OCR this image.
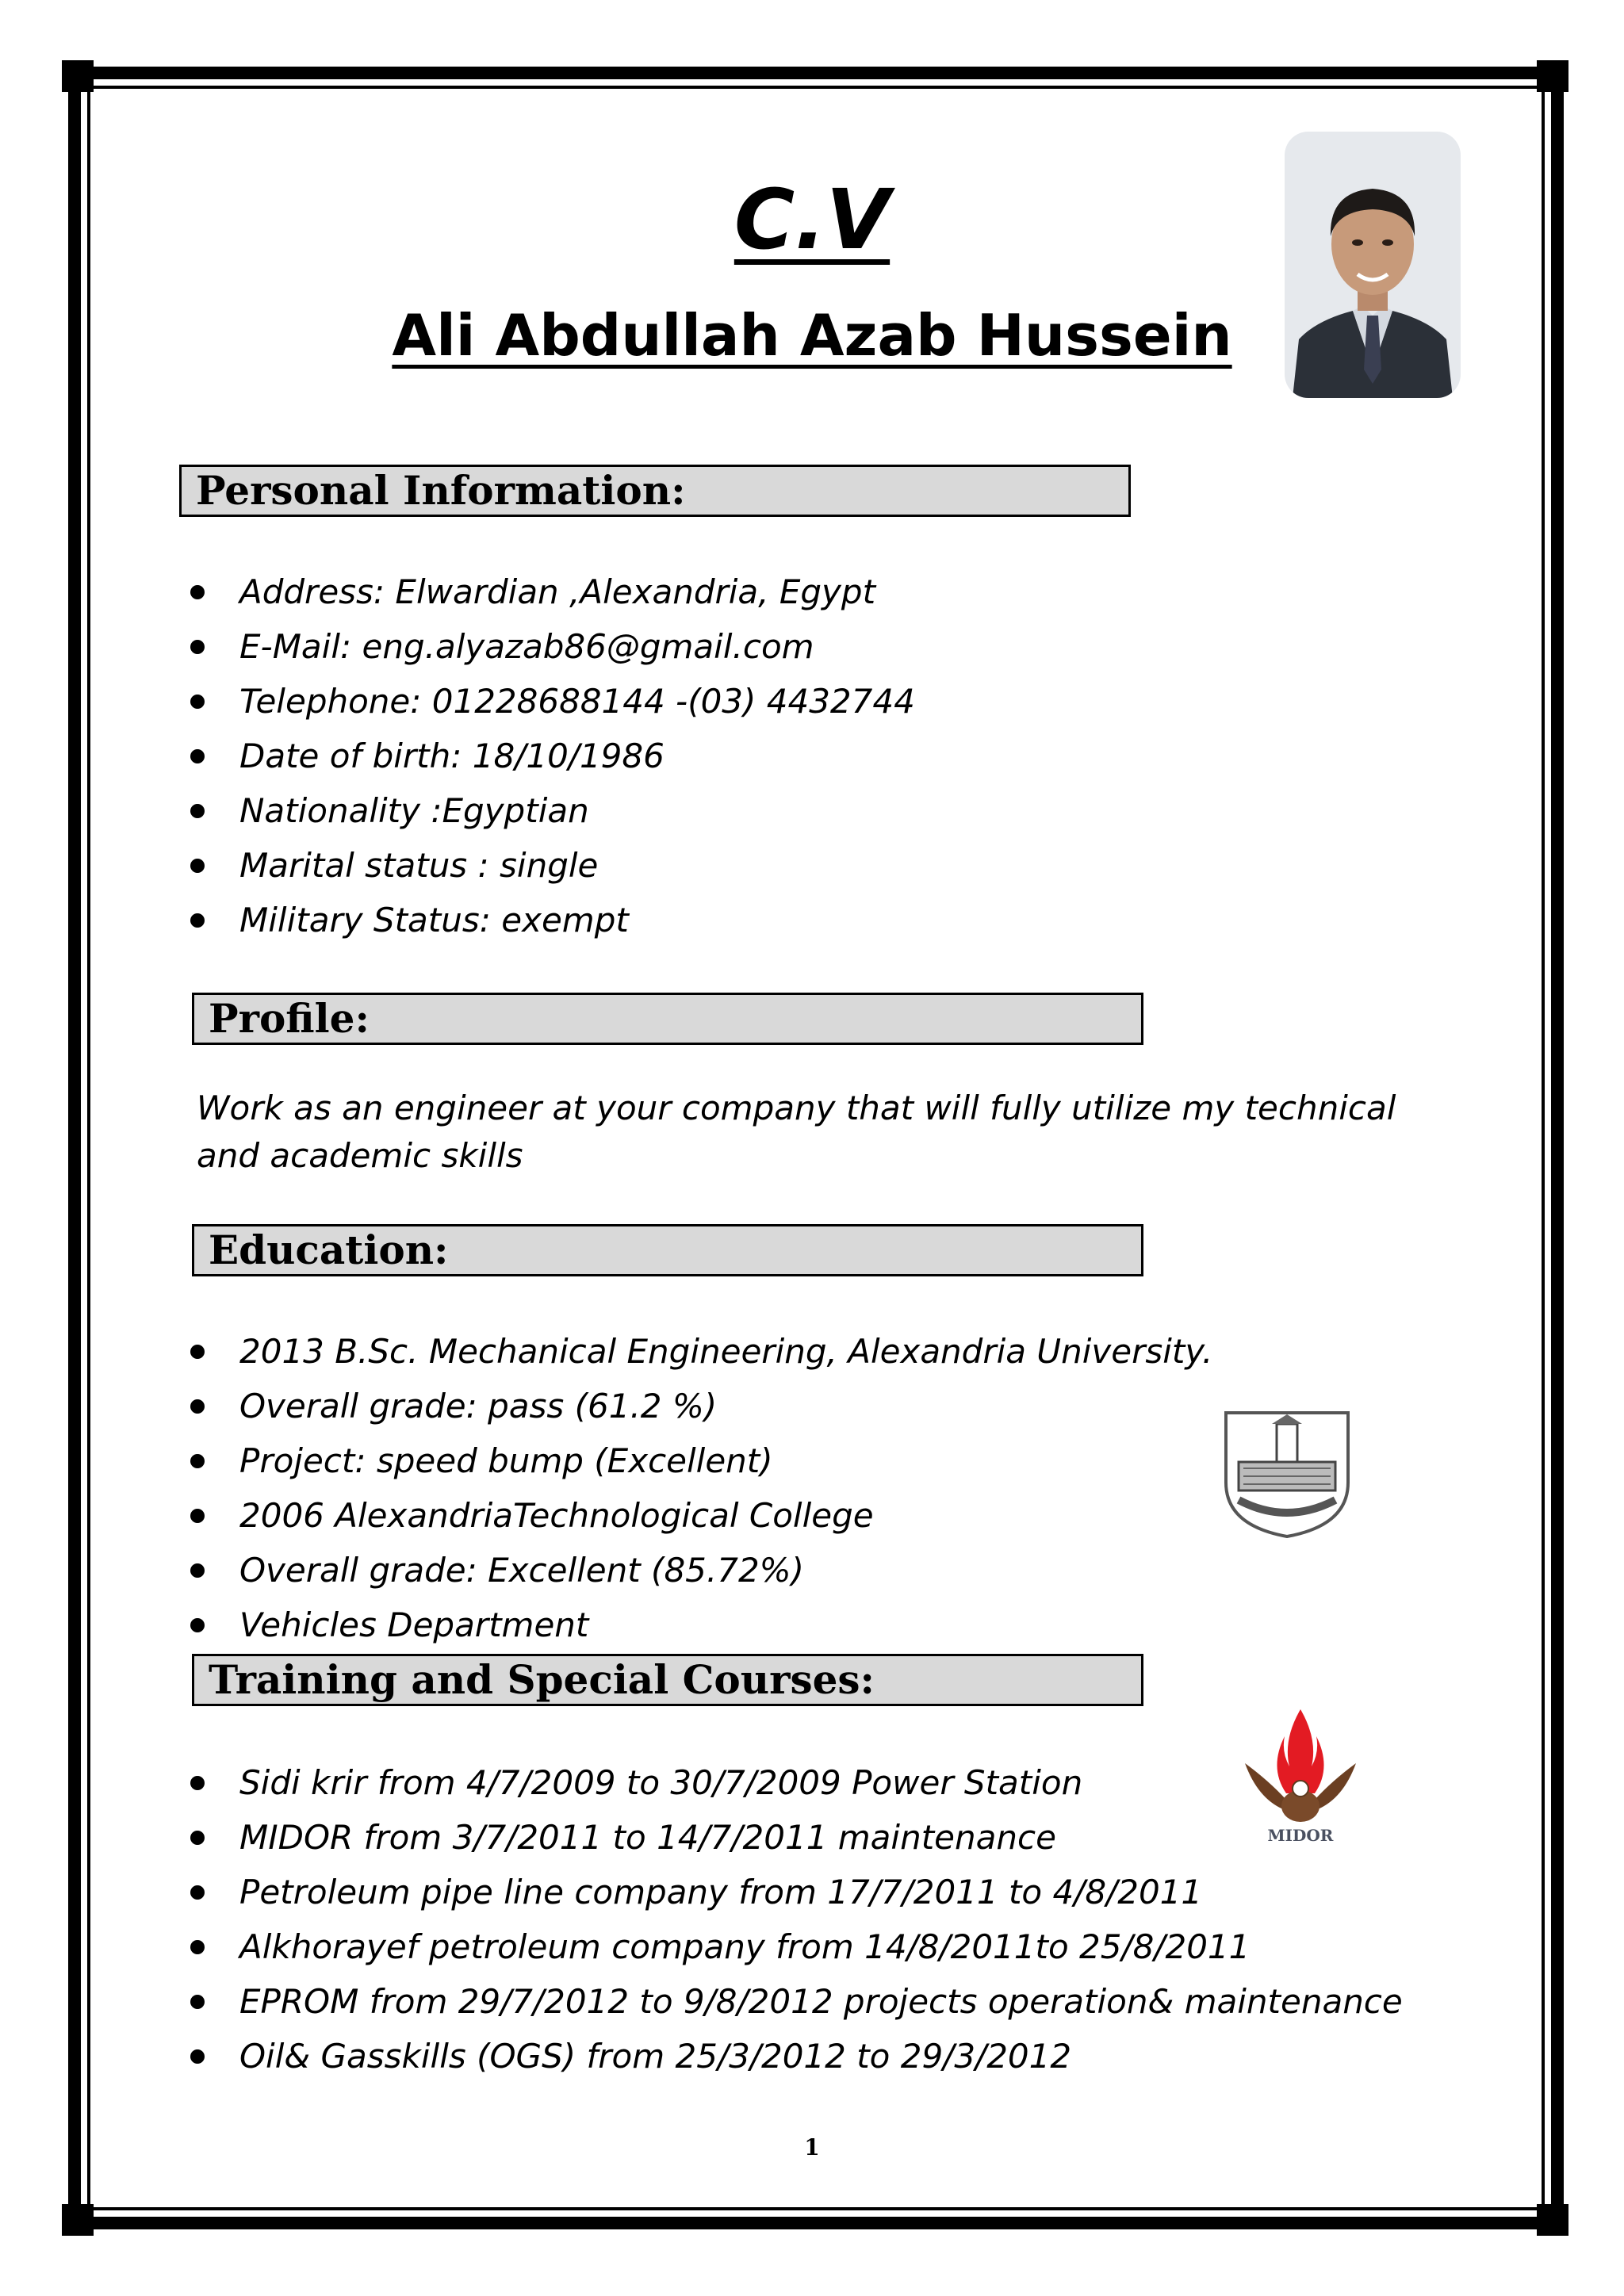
C.V
Ali Abdullah Azab Hussein
Personal Information:
Address: Elwardian ,Alexandria, Egypt
E-Mail: eng.alyazab86@gmail.com
Telephone: 01228688144 -(03) 4432744
Date of birth: 18/10/1986
Nationality :Egyptian
Marital status : single
Military Status: exempt
Profile:
Work as an engineer at your company that will fully utilize my technical and academic skills
Education:
2013 B.Sc. Mechanical Engineering, Alexandria University.
Overall grade: pass (61.2 %)
Project: speed bump (Excellent)
2006 AlexandriaTechnological College
Overall grade: Excellent (85.72%)
Vehicles Department
Training and Special Courses:
Sidi krir from 4/7/2009 to 30/7/2009 Power Station
MIDOR from 3/7/2011 to 14/7/2011 maintenance
Petroleum pipe line company from 17/7/2011 to 4/8/2011
Alkhorayef petroleum company from 14/8/2011to 25/8/2011
EPROM from 29/7/2012 to 9/8/2012 projects operation& maintenance
Oil& Gasskills (OGS) from 25/3/2012 to 29/3/2012
MIDOR
1
